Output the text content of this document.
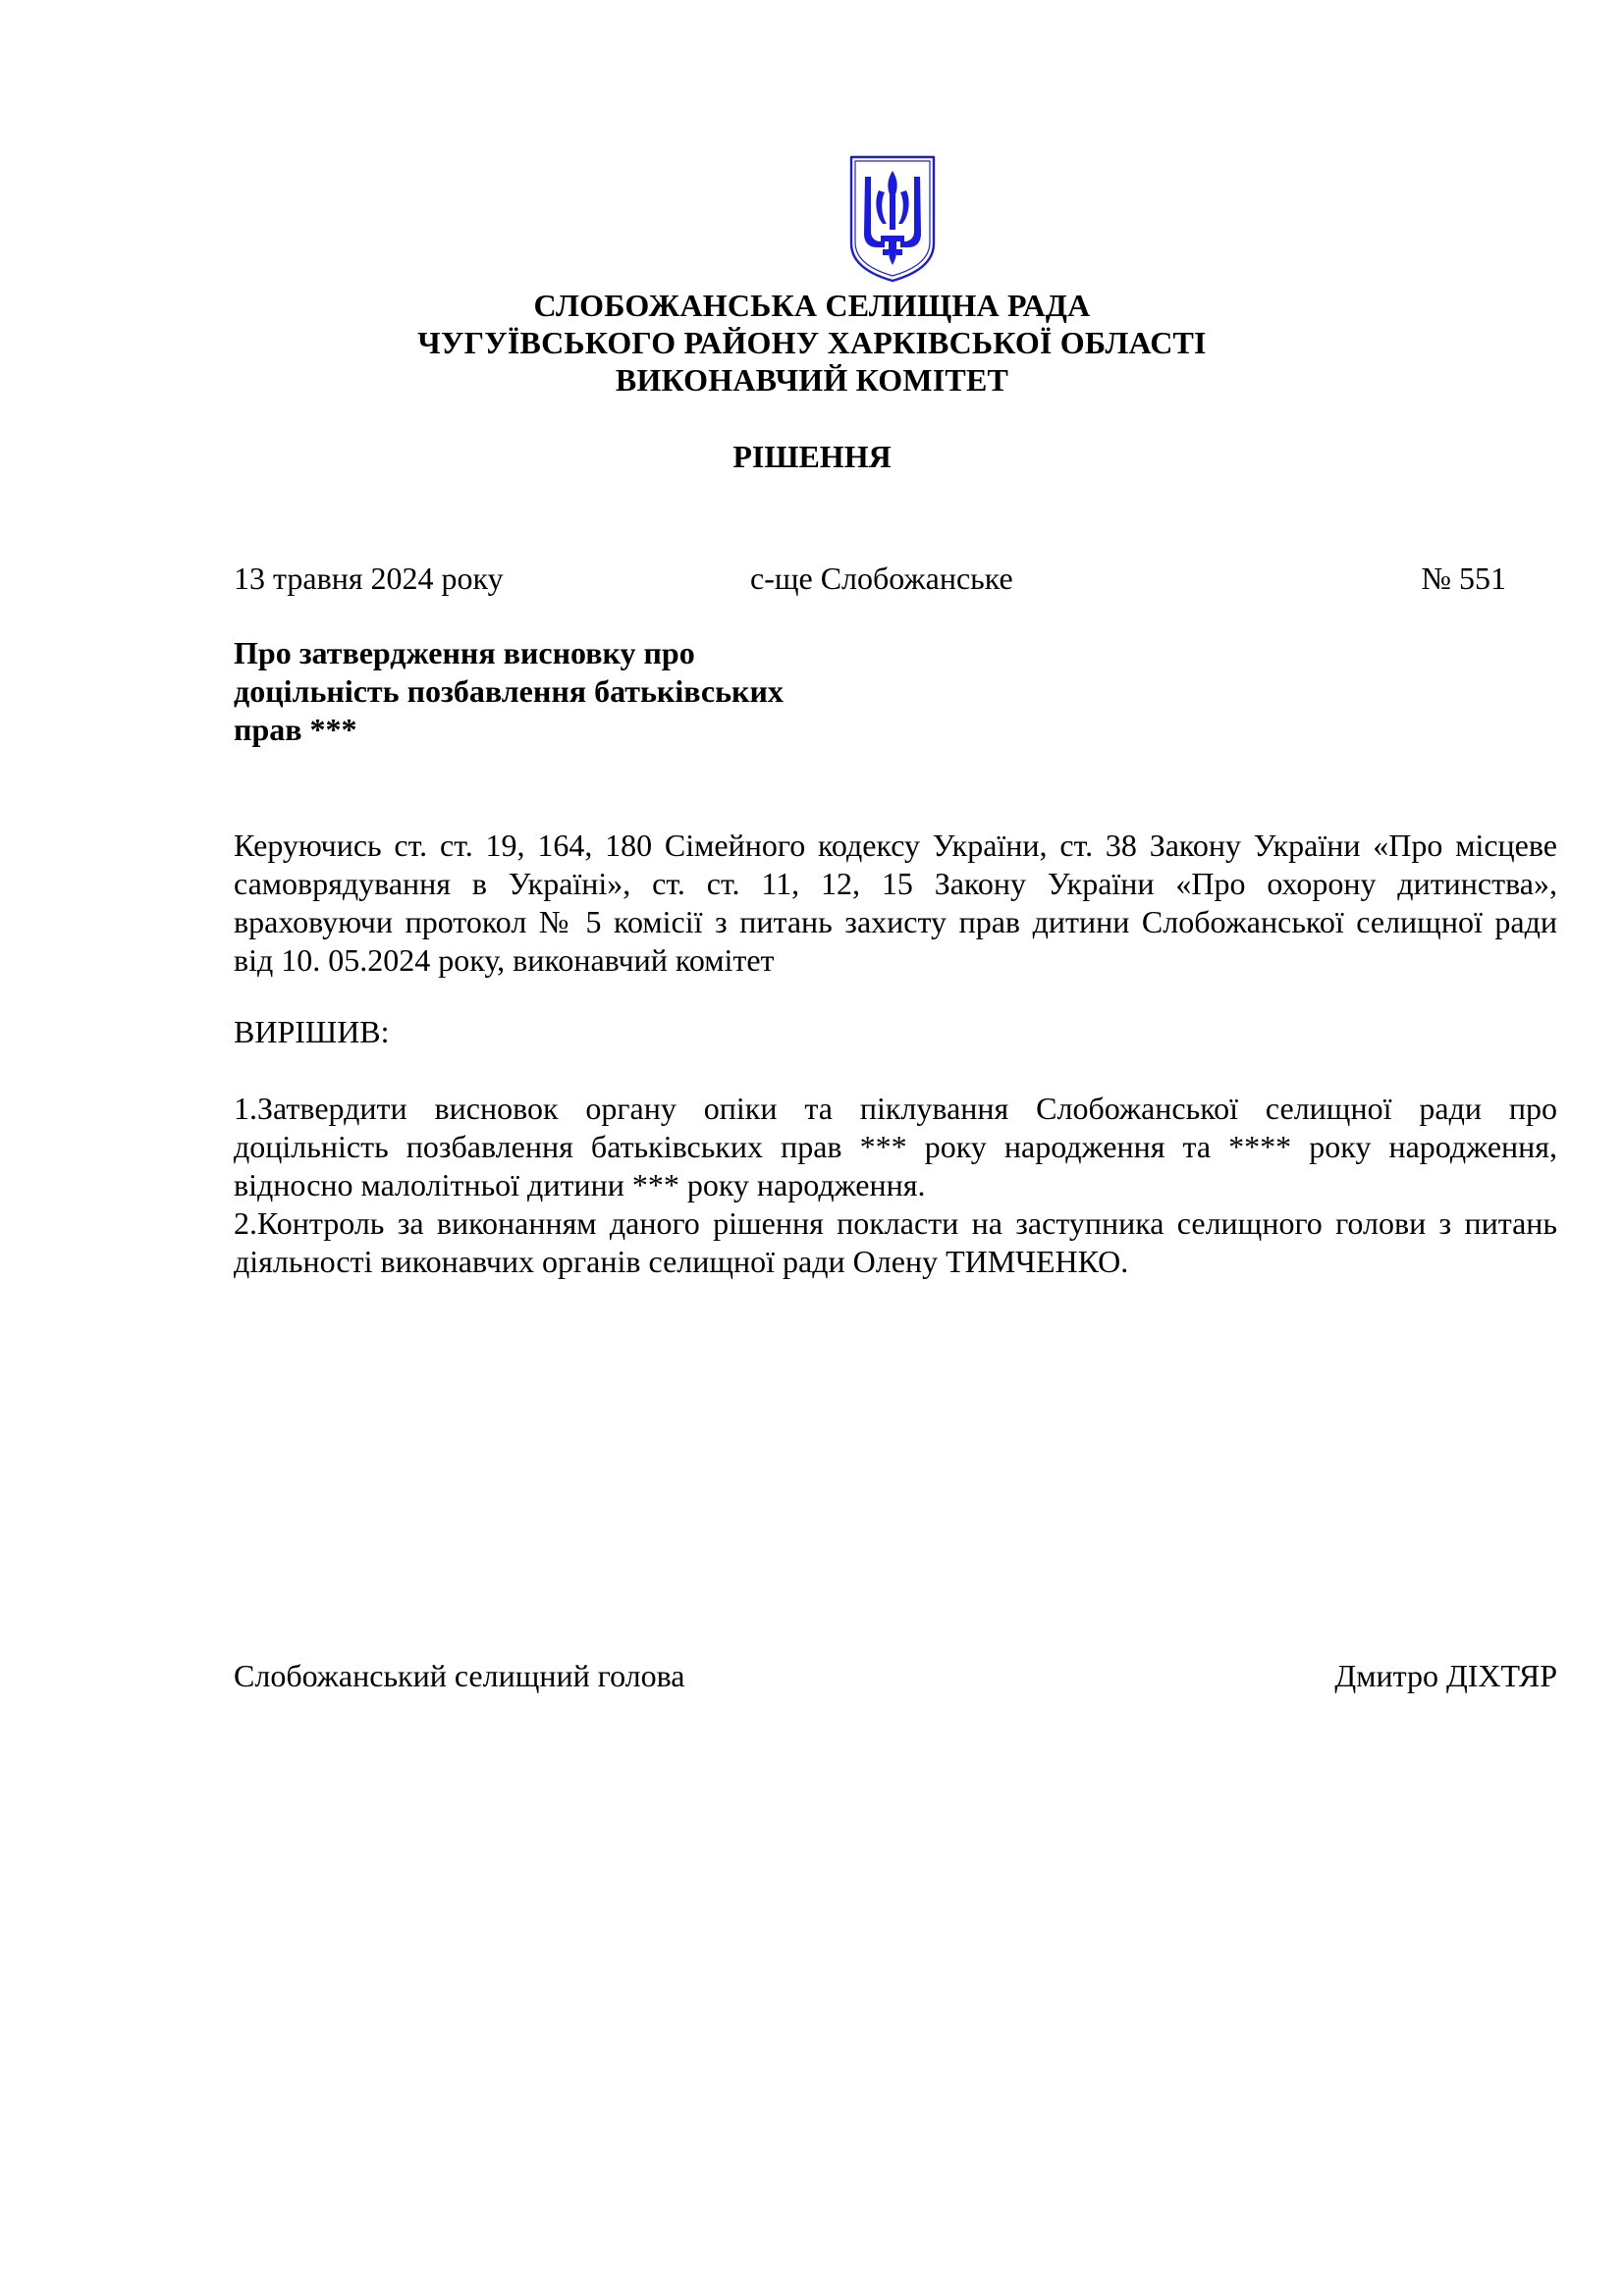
СЛОБОЖАНСЬКА СЕЛИЩНА РАДА
ЧУГУЇВСЬКОГО РАЙОНУ ХАРКІВСЬКОЇ ОБЛАСТІ
ВИКОНАВЧИЙ КОМІТЕТ
РІШЕННЯ
13 травня 2024 року	с-ще Слобожанське	№ 551
Про затвердження висновку про
доцільність позбавлення батьківських
прав ***
Керуючись ст. ст. 19, 164, 180 Сімейного кодексу України, ст. 38 Закону України «Про місцеве
самоврядування в Україні», ст. ст. 11, 12, 15 Закону України «Про охорону дитинства»,
враховуючи протокол № 5 комісії з питань захисту прав дитини Слобожанської селищної ради
від 10. 05.2024 року, виконавчий комітет
ВИРІШИВ:
1.Затвердити висновок органу опіки та піклування Слобожанської селищної ради про
доцільність позбавлення батьківських прав *** року народження та **** року народження,
відносно малолітньої дитини *** року народження.
2.Контроль за виконанням даного рішення покласти на заступника селищного голови з питань
діяльності виконавчих органів селищної ради Олену ТИМЧЕНКО.
Слобожанський селищний голова	Дмитро ДІХТЯР
